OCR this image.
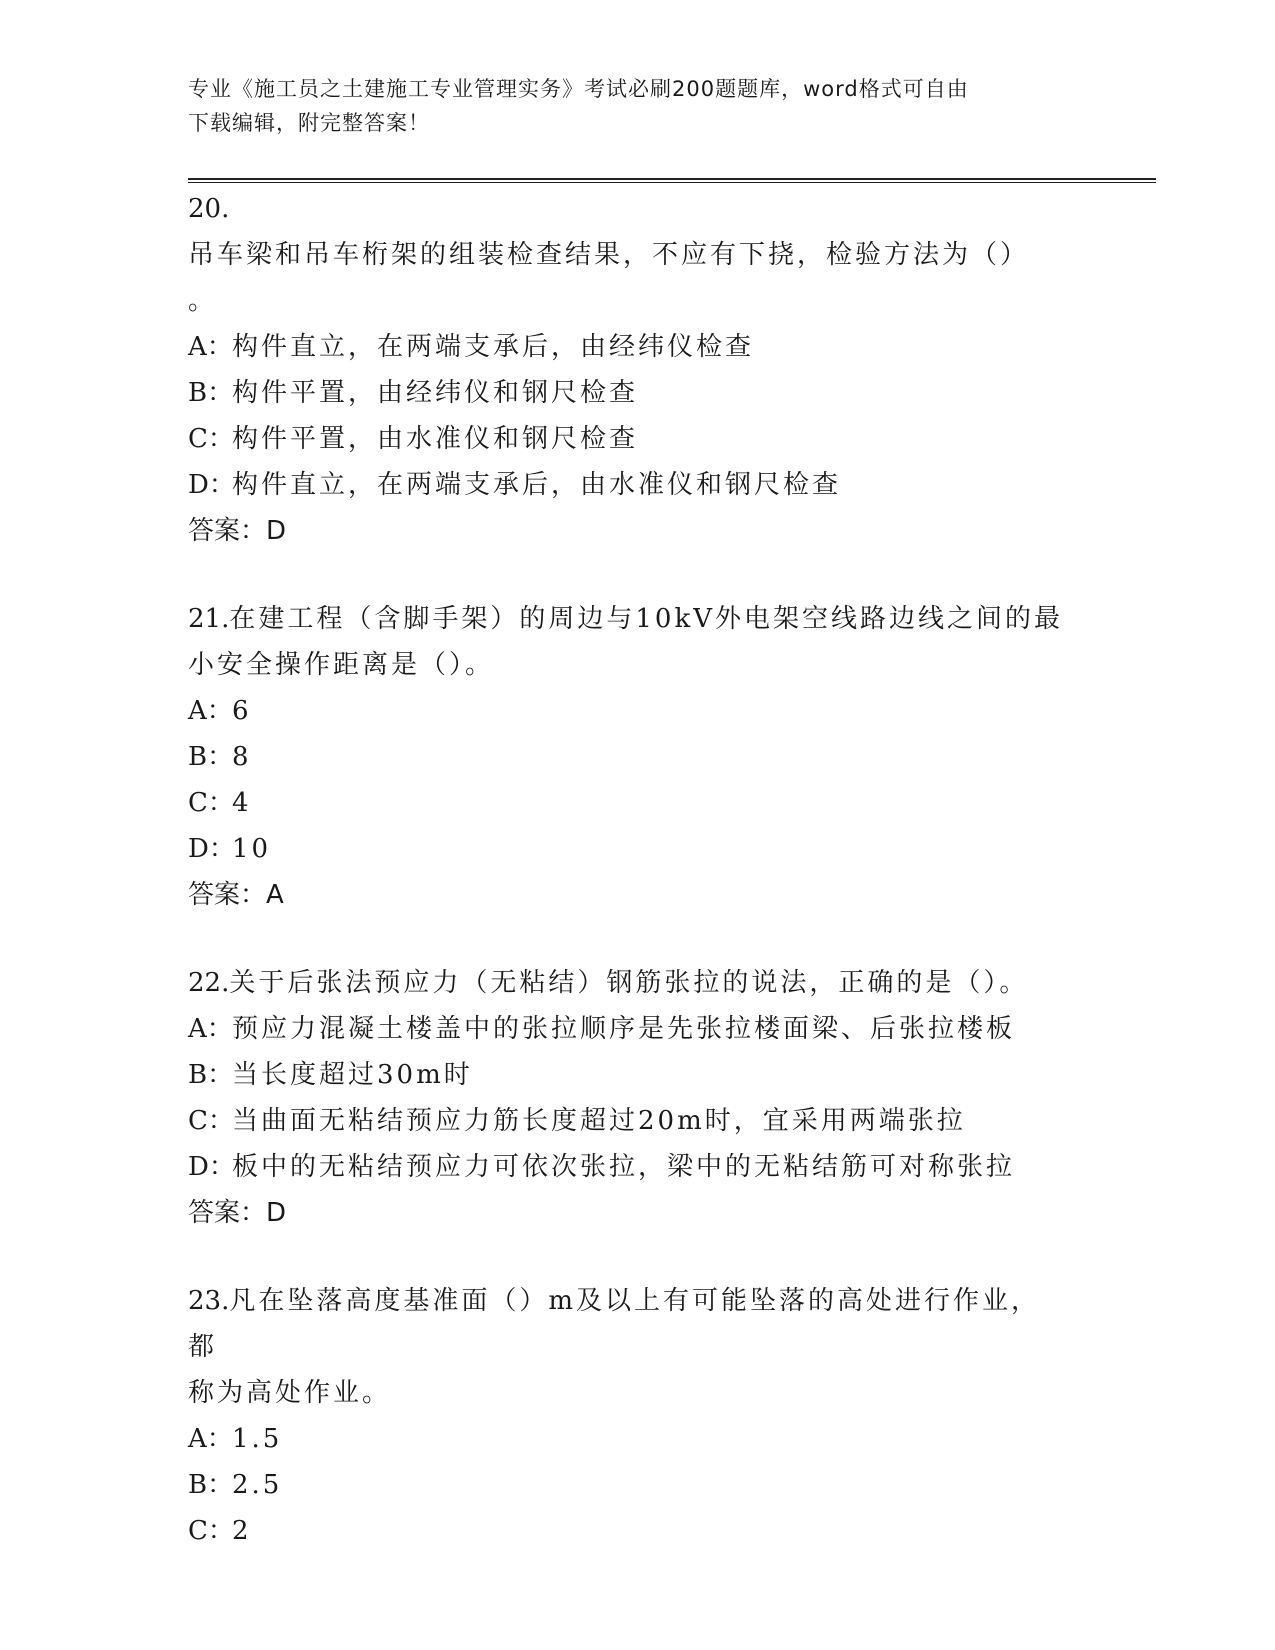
专业《施工员之土建施工专业管理实务》考试必刷200题题库，word格式可自由
下载编辑，附完整答案！
20.吊车梁和吊车桁架的组装检查结果，不应有下挠，检验方法为（）
。
A：构件直立，在两端支承后，由经纬仪检查
B：构件平置，由经纬仪和钢尺检查
C：构件平置，由水准仪和钢尺检查
D：构件直立，在两端支承后，由水准仪和钢尺检查
答案：D
21.在建工程（含脚手架）的周边与10kV外电架空线路边线之间的最
小安全操作距离是（）。
A：6
B：8
C：4
D：10
答案：A
22.关于后张法预应力（无粘结）钢筋张拉的说法，正确的是（）。
A：预应力混凝土楼盖中的张拉顺序是先张拉楼面梁、后张拉楼板
B：当长度超过30m时
C：当曲面无粘结预应力筋长度超过20m时，宜采用两端张拉
D：板中的无粘结预应力可依次张拉，梁中的无粘结筋可对称张拉
答案：D
23.凡在坠落高度基准面（）m及以上有可能坠落的高处进行作业，都
称为高处作业。
A：1.5
B：2.5
C：2
